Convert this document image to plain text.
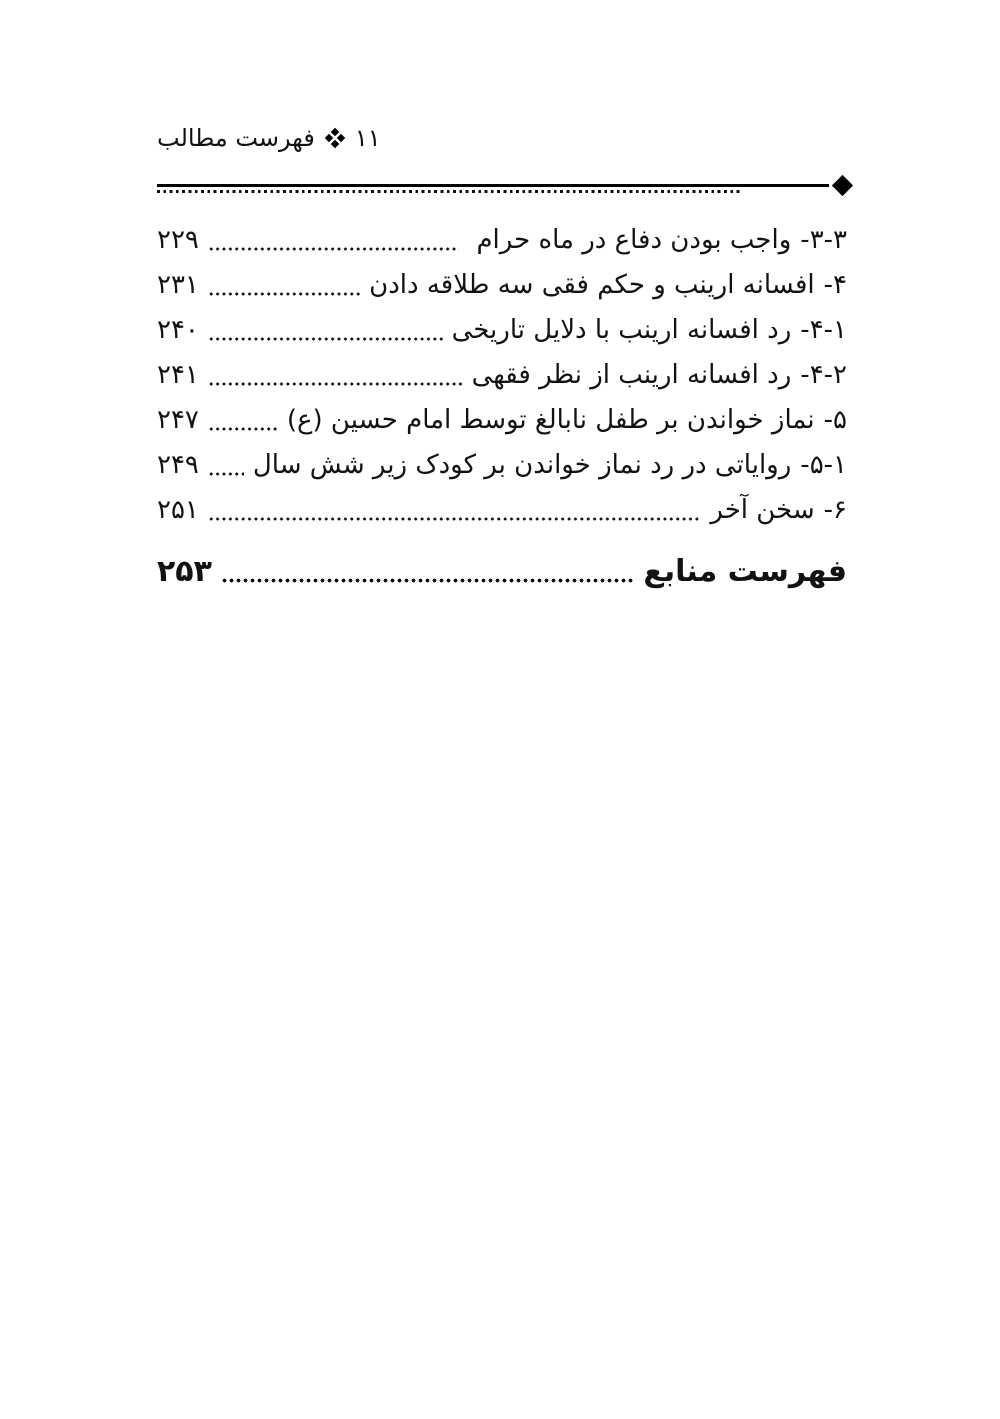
فهرست مطالب ۱۱
۳-۳-
واجب بودن دفاع در ماه حرام
۲۲۹
۴-
افسانه ارینب و حکم فقی سه طلاقه دادن
۲۳۱
۴-۱-
رد افسانه ارینب با دلایل تاریخی
۲۴۰
۴-۲-
رد افسانه ارینب از نظر فقهی
۲۴۱
۵-
نماز خواندن بر طفل نابالغ توسط امام حسین (ع)
۲۴۷
۵-۱-
روایاتی در رد نماز خواندن بر کودک زیر شش سال
۲۴۹
۶-
سخن آخر
۲۵۱
فهرست منابع
۲۵۳
